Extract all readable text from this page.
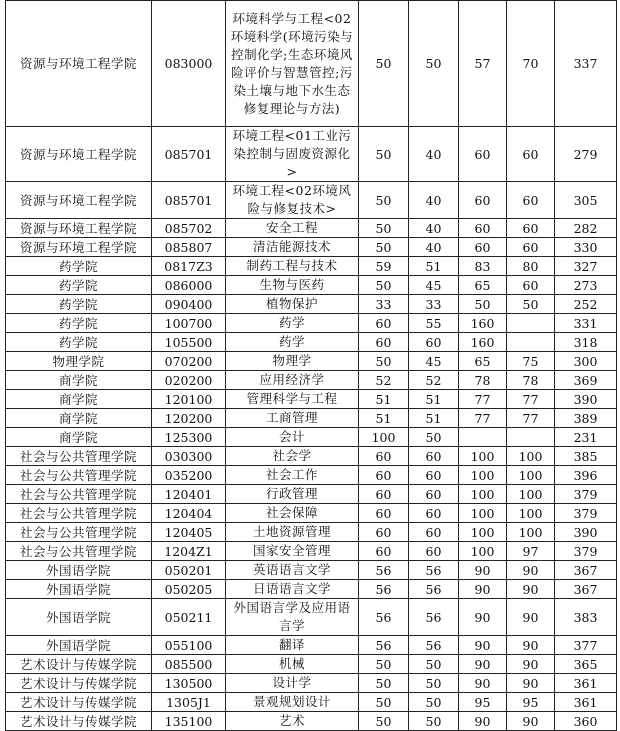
资源与环境工程学院	083000	环境科学与工程<02环境科学(环境污染与控制化学;生态环境风险评价与智慧管控;污染土壤与地下水生态修复理论与方法)	50	50	57	70	337
资源与环境工程学院	085701	环境工程<01工业污染控制与固废资源化>	50	40	60	60	279
资源与环境工程学院	085701	环境工程<02环境风险与修复技术>	50	40	60	60	305
资源与环境工程学院	085702	安全工程	50	40	60	60	282
资源与环境工程学院	085807	清洁能源技术	50	40	60	60	330
药学院	0817Z3	制药工程与技术	59	51	83	80	327
药学院	086000	生物与医药	50	45	65	60	273
药学院	090400	植物保护	33	33	50	50	252
药学院	100700	药学	60	55	160		331
药学院	105500	药学	60	60	160		318
物理学院	070200	物理学	50	45	65	75	300
商学院	020200	应用经济学	52	52	78	78	369
商学院	120100	管理科学与工程	51	51	77	77	390
商学院	120200	工商管理	51	51	77	77	389
商学院	125300	会计	100	50			231
社会与公共管理学院	030300	社会学	60	60	100	100	385
社会与公共管理学院	035200	社会工作	60	60	100	100	396
社会与公共管理学院	120401	行政管理	60	60	100	100	379
社会与公共管理学院	120404	社会保障	60	60	100	100	379
社会与公共管理学院	120405	土地资源管理	60	60	100	100	390
社会与公共管理学院	1204Z1	国家安全管理	60	60	100	97	379
外国语学院	050201	英语语言文学	56	56	90	90	367
外国语学院	050205	日语语言文学	56	56	90	90	367
外国语学院	050211	外国语言学及应用语言学	56	56	90	90	383
外国语学院	055100	翻译	56	56	90	90	377
艺术设计与传媒学院	085500	机械	50	50	90	90	365
艺术设计与传媒学院	130500	设计学	50	50	90	90	361
艺术设计与传媒学院	1305J1	景观规划设计	50	50	95	95	361
艺术设计与传媒学院	135100	艺术	50	50	90	90	360
